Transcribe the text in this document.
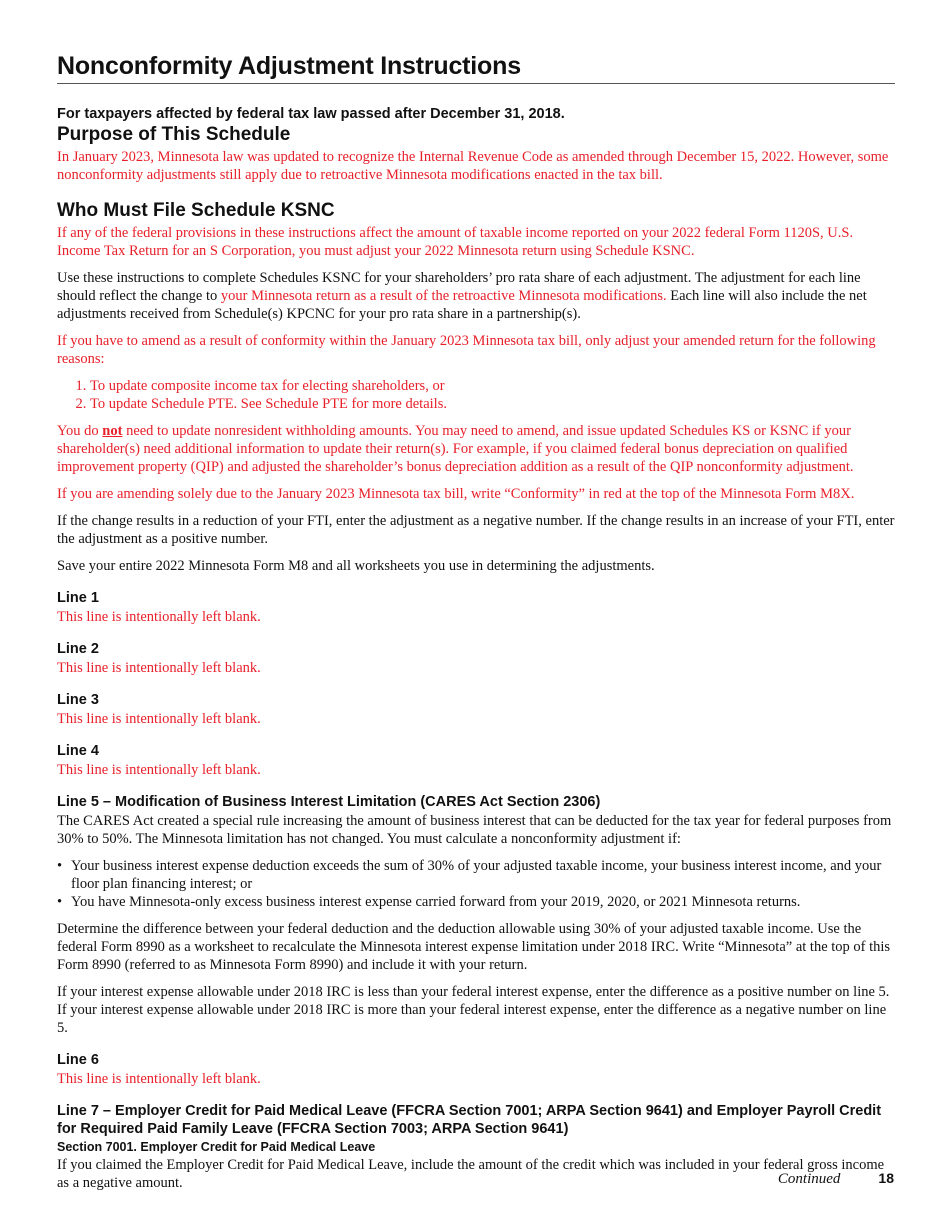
Nonconformity Adjustment Instructions
For taxpayers affected by federal tax law passed after December 31, 2018.
Purpose of This Schedule

In January 2023, Minnesota law was updated to recognize the Internal Revenue Code as amended through December 15, 2022. However, some nonconformity adjustments still apply due to retroactive Minnesota modifications enacted in the tax bill.

Who Must File Schedule KSNC

If any of the federal provisions in these instructions affect the amount of taxable income reported on your 2022 federal Form 1120S, U.S. Income Tax Return for an S Corporation, you must adjust your 2022 Minnesota return using Schedule KSNC.

Use these instructions to complete Schedules KSNC for your shareholders’ pro rata share of each adjustment. The adjustment for each line should reflect the change to your Minnesota return as a result of the retroactive Minnesota modifications. Each line will also include the net adjustments received from Schedule(s) KPCNC for your pro rata share in a partnership(s).

If you have to amend as a result of conformity within the January 2023 Minnesota tax bill, only adjust your amended return for the following reasons:

1. To update composite income tax for electing shareholders, or
2. To update Schedule PTE. See Schedule PTE for more details.

You do not need to update nonresident withholding amounts. You may need to amend, and issue updated Schedules KS or KSNC if your shareholder(s) need additional information to update their return(s). For example, if you claimed federal bonus depreciation on qualified improvement property (QIP) and adjusted the shareholder’s bonus depreciation addition as a result of the QIP nonconformity adjustment.

If you are amending solely due to the January 2023 Minnesota tax bill, write “Conformity” in red at the top of the Minnesota Form M8X.

If the change results in a reduction of your FTI, enter the adjustment as a negative number. If the change results in an increase of your FTI, enter the adjustment as a positive number.

Save your entire 2022 Minnesota Form M8 and all worksheets you use in determining the adjustments.

Line 1

This line is intentionally left blank.

Line 2

This line is intentionally left blank.

Line 3

This line is intentionally left blank.

Line 4

This line is intentionally left blank.

Line 5 – Modification of Business Interest Limitation (CARES Act Section 2306)

The CARES Act created a special rule increasing the amount of business interest that can be deducted for the tax year for federal purposes from 30% to 50%. The Minnesota limitation has not changed. You must calculate a nonconformity adjustment if:

• Your business interest expense deduction exceeds the sum of 30% of your adjusted taxable income, your business interest income, and your floor plan financing interest; or
• You have Minnesota-only excess business interest expense carried forward from your 2019, 2020, or 2021 Minnesota returns.

Determine the difference between your federal deduction and the deduction allowable using 30% of your adjusted taxable income. Use the federal Form 8990 as a worksheet to recalculate the Minnesota interest expense limitation under 2018 IRC. Write “Minnesota” at the top of this Form 8990 (referred to as Minnesota Form 8990) and include it with your return.

If your interest expense allowable under 2018 IRC is less than your federal interest expense, enter the difference as a positive number on line 5. If your interest expense allowable under 2018 IRC is more than your federal interest expense, enter the difference as a negative number on line 5.

Line 6

This line is intentionally left blank.

Line 7 – Employer Credit for Paid Medical Leave (FFCRA Section 7001; ARPA Section 9641) and Employer Payroll Credit for Required Paid Family Leave (FFCRA Section 7003; ARPA Section 9641)
Section 7001. Employer Credit for Paid Medical Leave

If you claimed the Employer Credit for Paid Medical Leave, include the amount of the credit which was included in your federal gross income as a negative amount.	Continued	18
